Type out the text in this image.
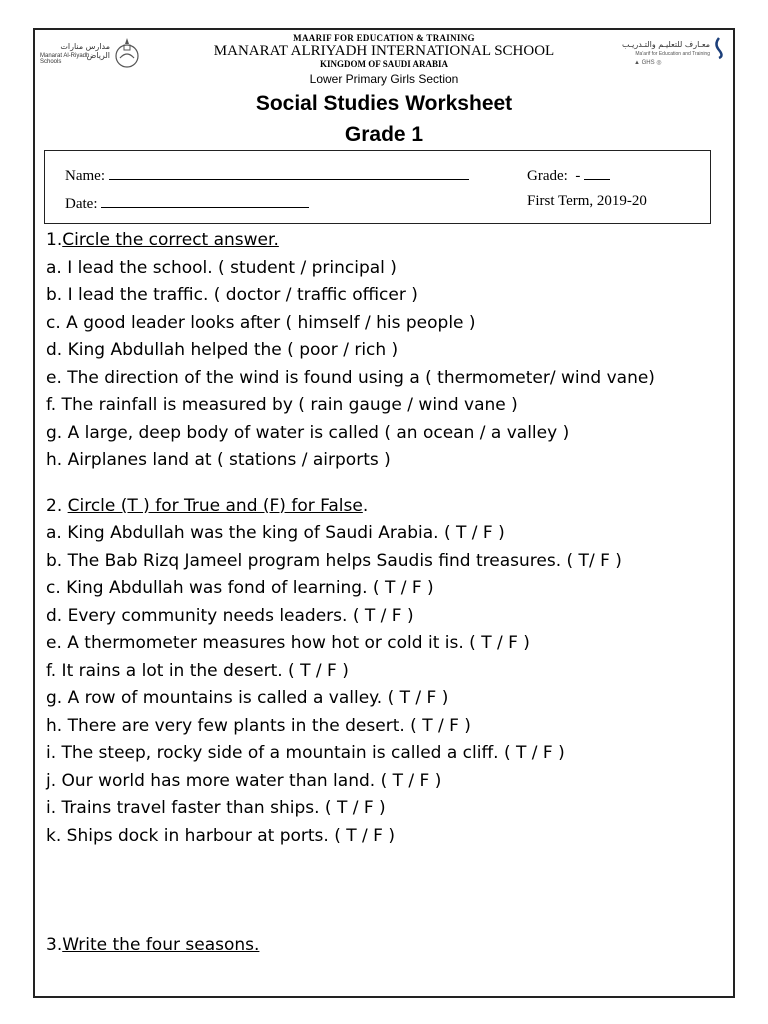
مدارس منارات الرياض
Manarat Al-Riyadh Schools
معـارف للتعليـم والتـدريـب
Ma'arif for Education and Training
▲ GHS ◎
MAARIF FOR EDUCATION & TRAINING
MANARAT ALRIYADH INTERNATIONAL SCHOOL
KINGDOM OF SAUDI ARABIA
Lower Primary Girls Section
Social Studies Worksheet
Grade 1
Name:
Date:
Grade: -
First Term, 2019-20
1.Circle the correct answer.
a. I lead the school. ( student / principal )
b. I lead the traffic. ( doctor / traffic officer )
c. A good leader looks after ( himself / his people )
d. King Abdullah helped the ( poor / rich )
e. The direction of the wind is found using a ( thermometer/ wind vane)
f. The rainfall is measured by ( rain gauge / wind vane )
g. A large, deep body of water is called ( an ocean / a valley )
h. Airplanes land at ( stations / airports )
2. Circle (T ) for True and (F) for False.
a. King Abdullah was the king of Saudi Arabia. ( T / F )
b. The Bab Rizq Jameel program helps Saudis find treasures. ( T/ F )
c. King Abdullah was fond of learning. ( T / F )
d. Every community needs leaders. ( T / F )
e. A thermometer measures how hot or cold it is. ( T / F )
f. It rains a lot in the desert. ( T / F )
g. A row of mountains is called a valley. ( T / F )
h. There are very few plants in the desert. ( T / F )
i. The steep, rocky side of a mountain is called a cliff. ( T / F )
j. Our world has more water than land. ( T / F )
i. Trains travel faster than ships. ( T / F )
k. Ships dock in harbour at ports. ( T / F )
3.Write the four seasons.
